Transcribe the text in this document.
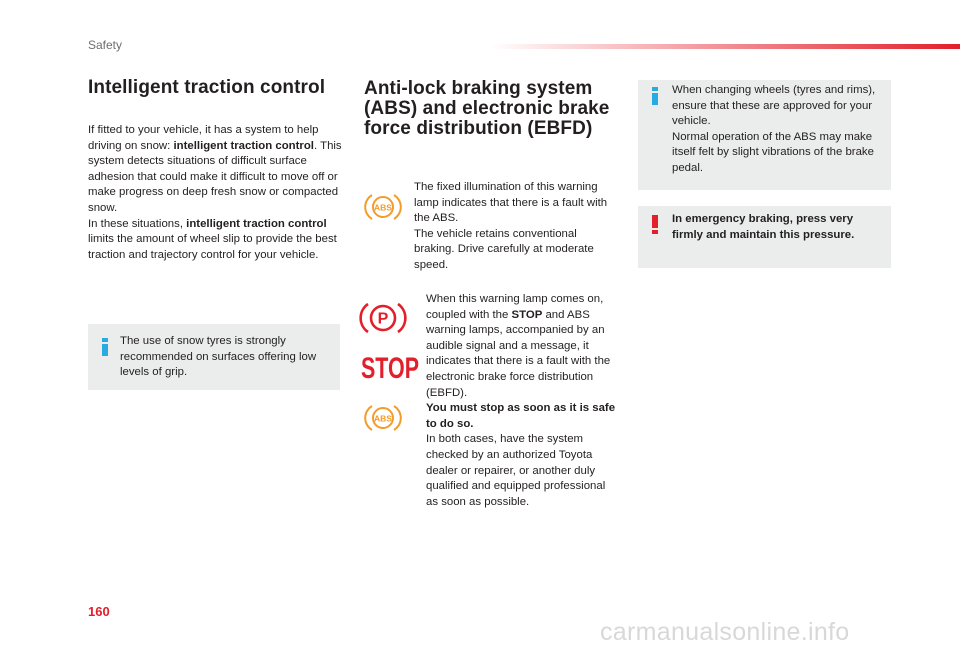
Safety
Intelligent traction control
If fitted to your vehicle, it has a system to help driving on snow: intelligent traction control. This system detects situations of difficult surface adhesion that could make it difficult to move off or make progress on deep fresh snow or compacted snow.
In these situations, intelligent traction control limits the amount of wheel slip to provide the best traction and trajectory control for your vehicle.
The use of snow tyres is strongly recommended on surfaces offering low levels of grip.
Anti-lock braking system
(ABS) and electronic brake
force distribution (EBFD)
ABS
The fixed illumination of this warning lamp indicates that there is a fault with the ABS.
The vehicle retains conventional braking. Drive carefully at moderate speed.
P
STOP
ABS
When this warning lamp comes on, coupled with the STOP and ABS warning lamps, accompanied by an audible signal and a message, it indicates that there is a fault with the electronic brake force distribution (EBFD).
You must stop as soon as it is safe to do so.
In both cases, have the system checked by an authorized Toyota dealer or repairer, or another duly qualified and equipped professional as soon as possible.
When changing wheels (tyres and rims), ensure that these are approved for your vehicle.
Normal operation of the ABS may make itself felt by slight vibrations of the brake pedal.
In emergency braking, press very firmly and maintain this pressure.
160
carmanualsonline.info
